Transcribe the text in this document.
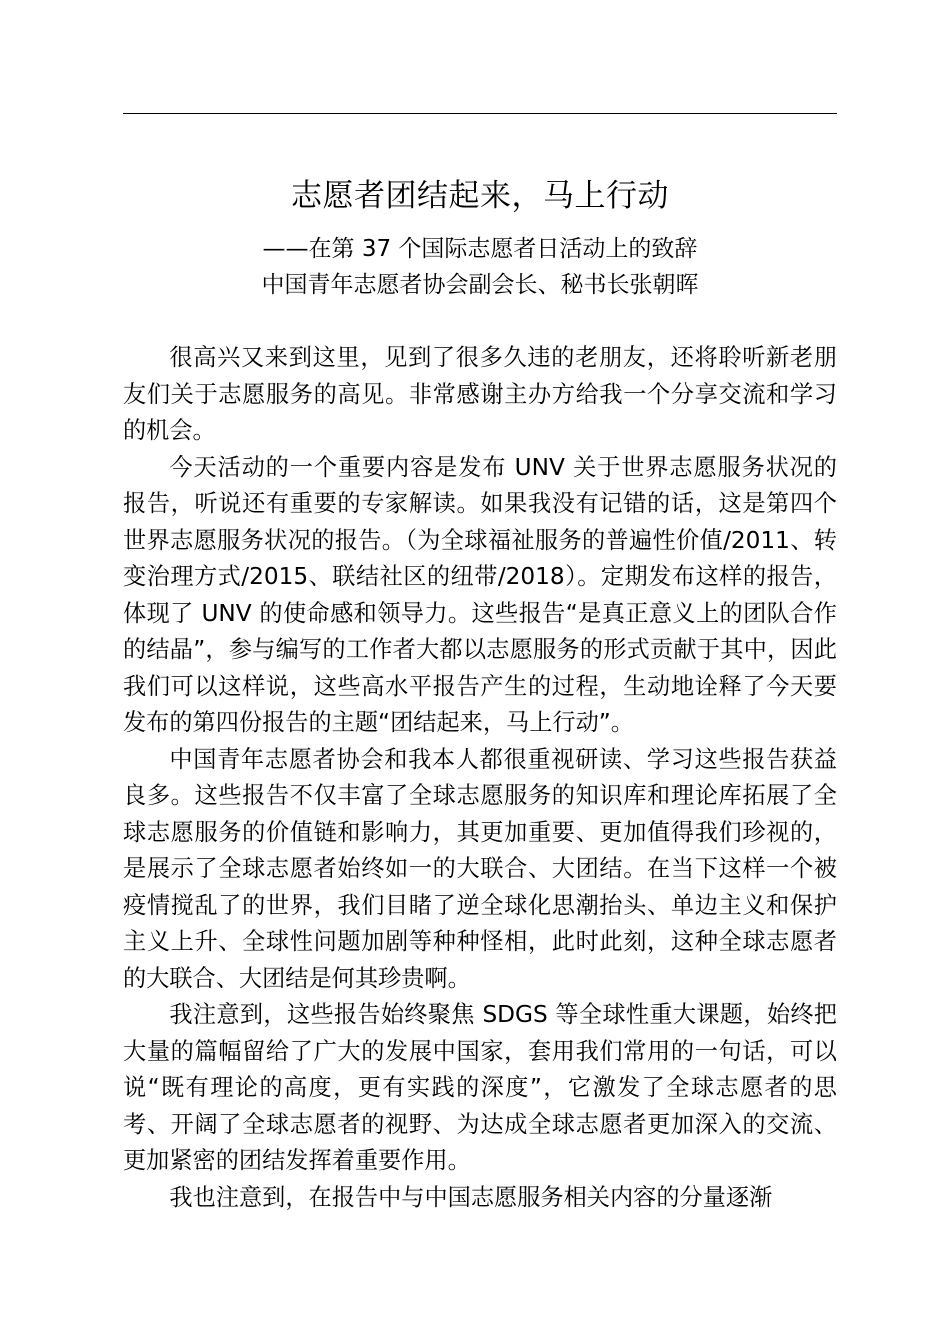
志愿者团结起来，马上行动
——在第 37 个国际志愿者日活动上的致辞
中国青年志愿者协会副会长、秘书长张朝晖

很高兴又来到这里，见到了很多久违的老朋友，还将聆听新老朋友们关于志愿服务的高见。非常感谢主办方给我一个分享交流和学习的机会。

今天活动的一个重要内容是发布 UNV 关于世界志愿服务状况的报告，听说还有重要的专家解读。如果我没有记错的话，这是第四个世界志愿服务状况的报告。（为全球福祉服务的普遍性价值/2011、转变治理方式/2015、联结社区的纽带/2018）。定期发布这样的报告，体现了 UNV 的使命感和领导力。这些报告“是真正意义上的团队合作的结晶”，参与编写的工作者大都以志愿服务的形式贡献于其中，因此我们可以这样说，这些高水平报告产生的过程，生动地诠释了今天要发布的第四份报告的主题“团结起来，马上行动”。

中国青年志愿者协会和我本人都很重视研读、学习这些报告获益良多。这些报告不仅丰富了全球志愿服务的知识库和理论库拓展了全球志愿服务的价值链和影响力，其更加重要、更加值得我们珍视的，是展示了全球志愿者始终如一的大联合、大团结。在当下这样一个被疫情搅乱了的世界，我们目睹了逆全球化思潮抬头、单边主义和保护主义上升、全球性问题加剧等种种怪相，此时此刻，这种全球志愿者的大联合、大团结是何其珍贵啊。

我注意到，这些报告始终聚焦 SDGS 等全球性重大课题，始终把大量的篇幅留给了广大的发展中国家，套用我们常用的一句话，可以说“既有理论的高度，更有实践的深度”，它激发了全球志愿者的思考、开阔了全球志愿者的视野、为达成全球志愿者更加深入的交流、更加紧密的团结发挥着重要作用。

我也注意到，在报告中与中国志愿服务相关内容的分量逐渐
